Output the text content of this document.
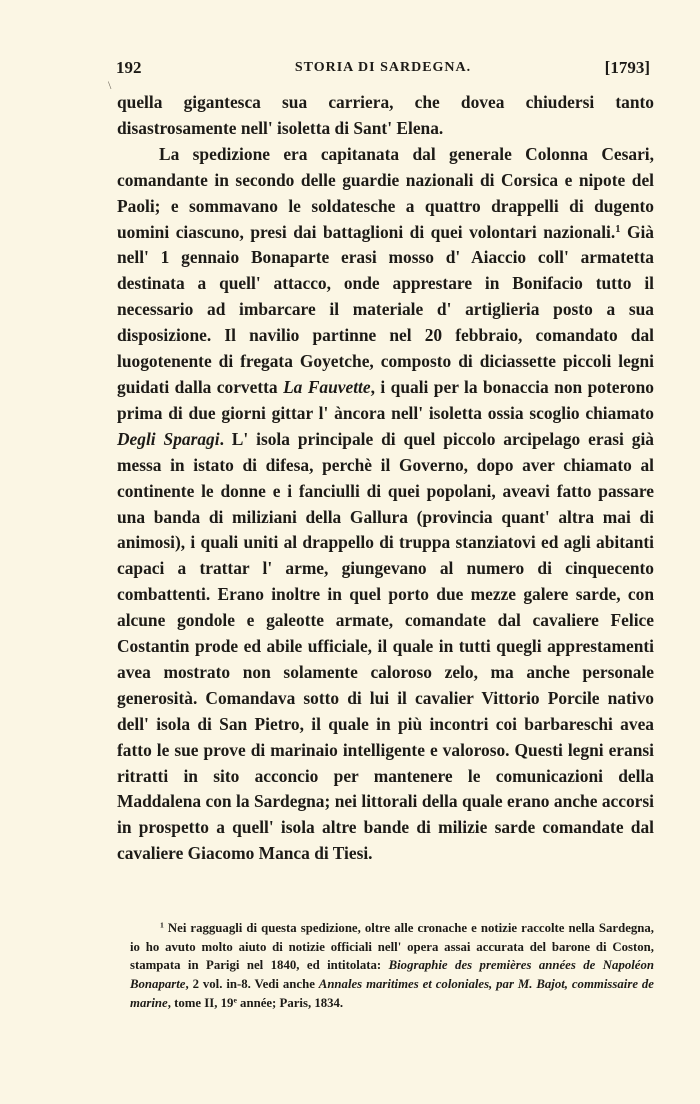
192	STORIA DI SARDEGNA.	[1793]
\

quella gigantesca sua carriera, che dovea chiudersi tanto disastrosamente nell' isoletta di Sant' Elena.

La spedizione era capitanata dal generale Colonna Cesari, comandante in secondo delle guardie nazionali di Corsica e nipote del Paoli; e sommavano le soldatesche a quattro drappelli di dugento uomini ciascuno, presi dai battaglioni di quei volontari nazionali.$^1$ Già nell' 1 gennaio Bonaparte erasi mosso d' Aiaccio coll' armatetta destinata a quell' attacco, onde apprestare in Bonifacio tutto il necessario ad imbarcare il materiale d' artiglieria posto a sua disposizione. Il navilio partinne nel 20 febbraio, comandato dal luogotenente di fregata Goyetche, composto di diciassette piccoli legni guidati dalla corvetta La Fauvette, i quali per la bonaccia non poterono prima di due giorni gittar l' àncora nell' isoletta ossia scoglio chiamato Degli Sparagi. L' isola principale di quel piccolo arcipelago erasi già messa in istato di difesa, perchè il Governo, dopo aver chiamato al continente le donne e i fanciulli di quei popolani, aveavi fatto passare una banda di miliziani della Gallura (provincia quant' altra mai di animosi), i quali uniti al drappello di truppa stanziatovi ed agli abitanti capaci a trattar l' arme, giungevano al numero di cinquecento combattenti. Erano inoltre in quel porto due mezze galere sarde, con alcune gondole e galeotte armate, comandate dal cavaliere Felice Costantin prode ed abile ufficiale, il quale in tutti quegli apprestamenti avea mostrato non solamente caloroso zelo, ma anche personale generosità. Comandava sotto di lui il cavalier Vittorio Porcile nativo dell' isola di San Pietro, il quale in più incontri coi barbareschi avea fatto le sue prove di marinaio intelligente e valoroso. Questi legni eransi ritratti in sito acconcio per mantenere le comunicazioni della Maddalena con la Sardegna; nei littorali della quale erano anche accorsi in prospetto a quell' isola altre bande di milizie sarde comandate dal cavaliere Giacomo Manca di Tiesi.

$^1$ Nei ragguagli di questa spedizione, oltre alle cronache e notizie raccolte nella Sardegna, io ho avuto molto aiuto di notizie officiali nell' opera assai accurata del barone di Coston, stampata in Parigi nel 1840, ed intitolata: Biographie des premières années de Napoléon Bonaparte, 2 vol. in-8. Vedi anche Annales maritimes et coloniales, par M. Bajot, commissaire de marine, tome II, 19e année; Paris, 1834.
